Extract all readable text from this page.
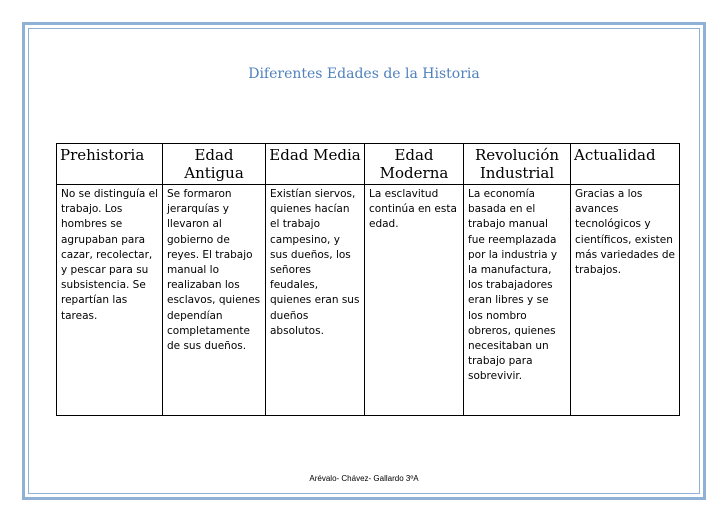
Diferentes Edades de la Historia
Prehistoria	Edad Antigua	Edad Media	Edad Moderna	Revolución Industrial	Actualidad
No se distinguía el trabajo. Los hombres se agrupaban para cazar, recolectar, y pescar para su subsistencia. Se repartían las tareas.	Se formaron jerarquías y llevaron al gobierno de reyes. El trabajo manual lo realizaban los esclavos, quienes dependían completamente de sus dueños.	Existían siervos, quienes hacían el trabajo campesino, y sus dueños, los señores feudales, quienes eran sus dueños absolutos.	La esclavitud continúa en esta edad.	La economía basada en el trabajo manual fue reemplazada por la industria y la manufactura, los trabajadores eran libres y se los nombro obreros, quienes necesitaban un trabajo para sobrevivir.	Gracias a los avances tecnológicos y científicos, existen más variedades de trabajos.
Arévalo- Chávez- Gallardo 3ºA
